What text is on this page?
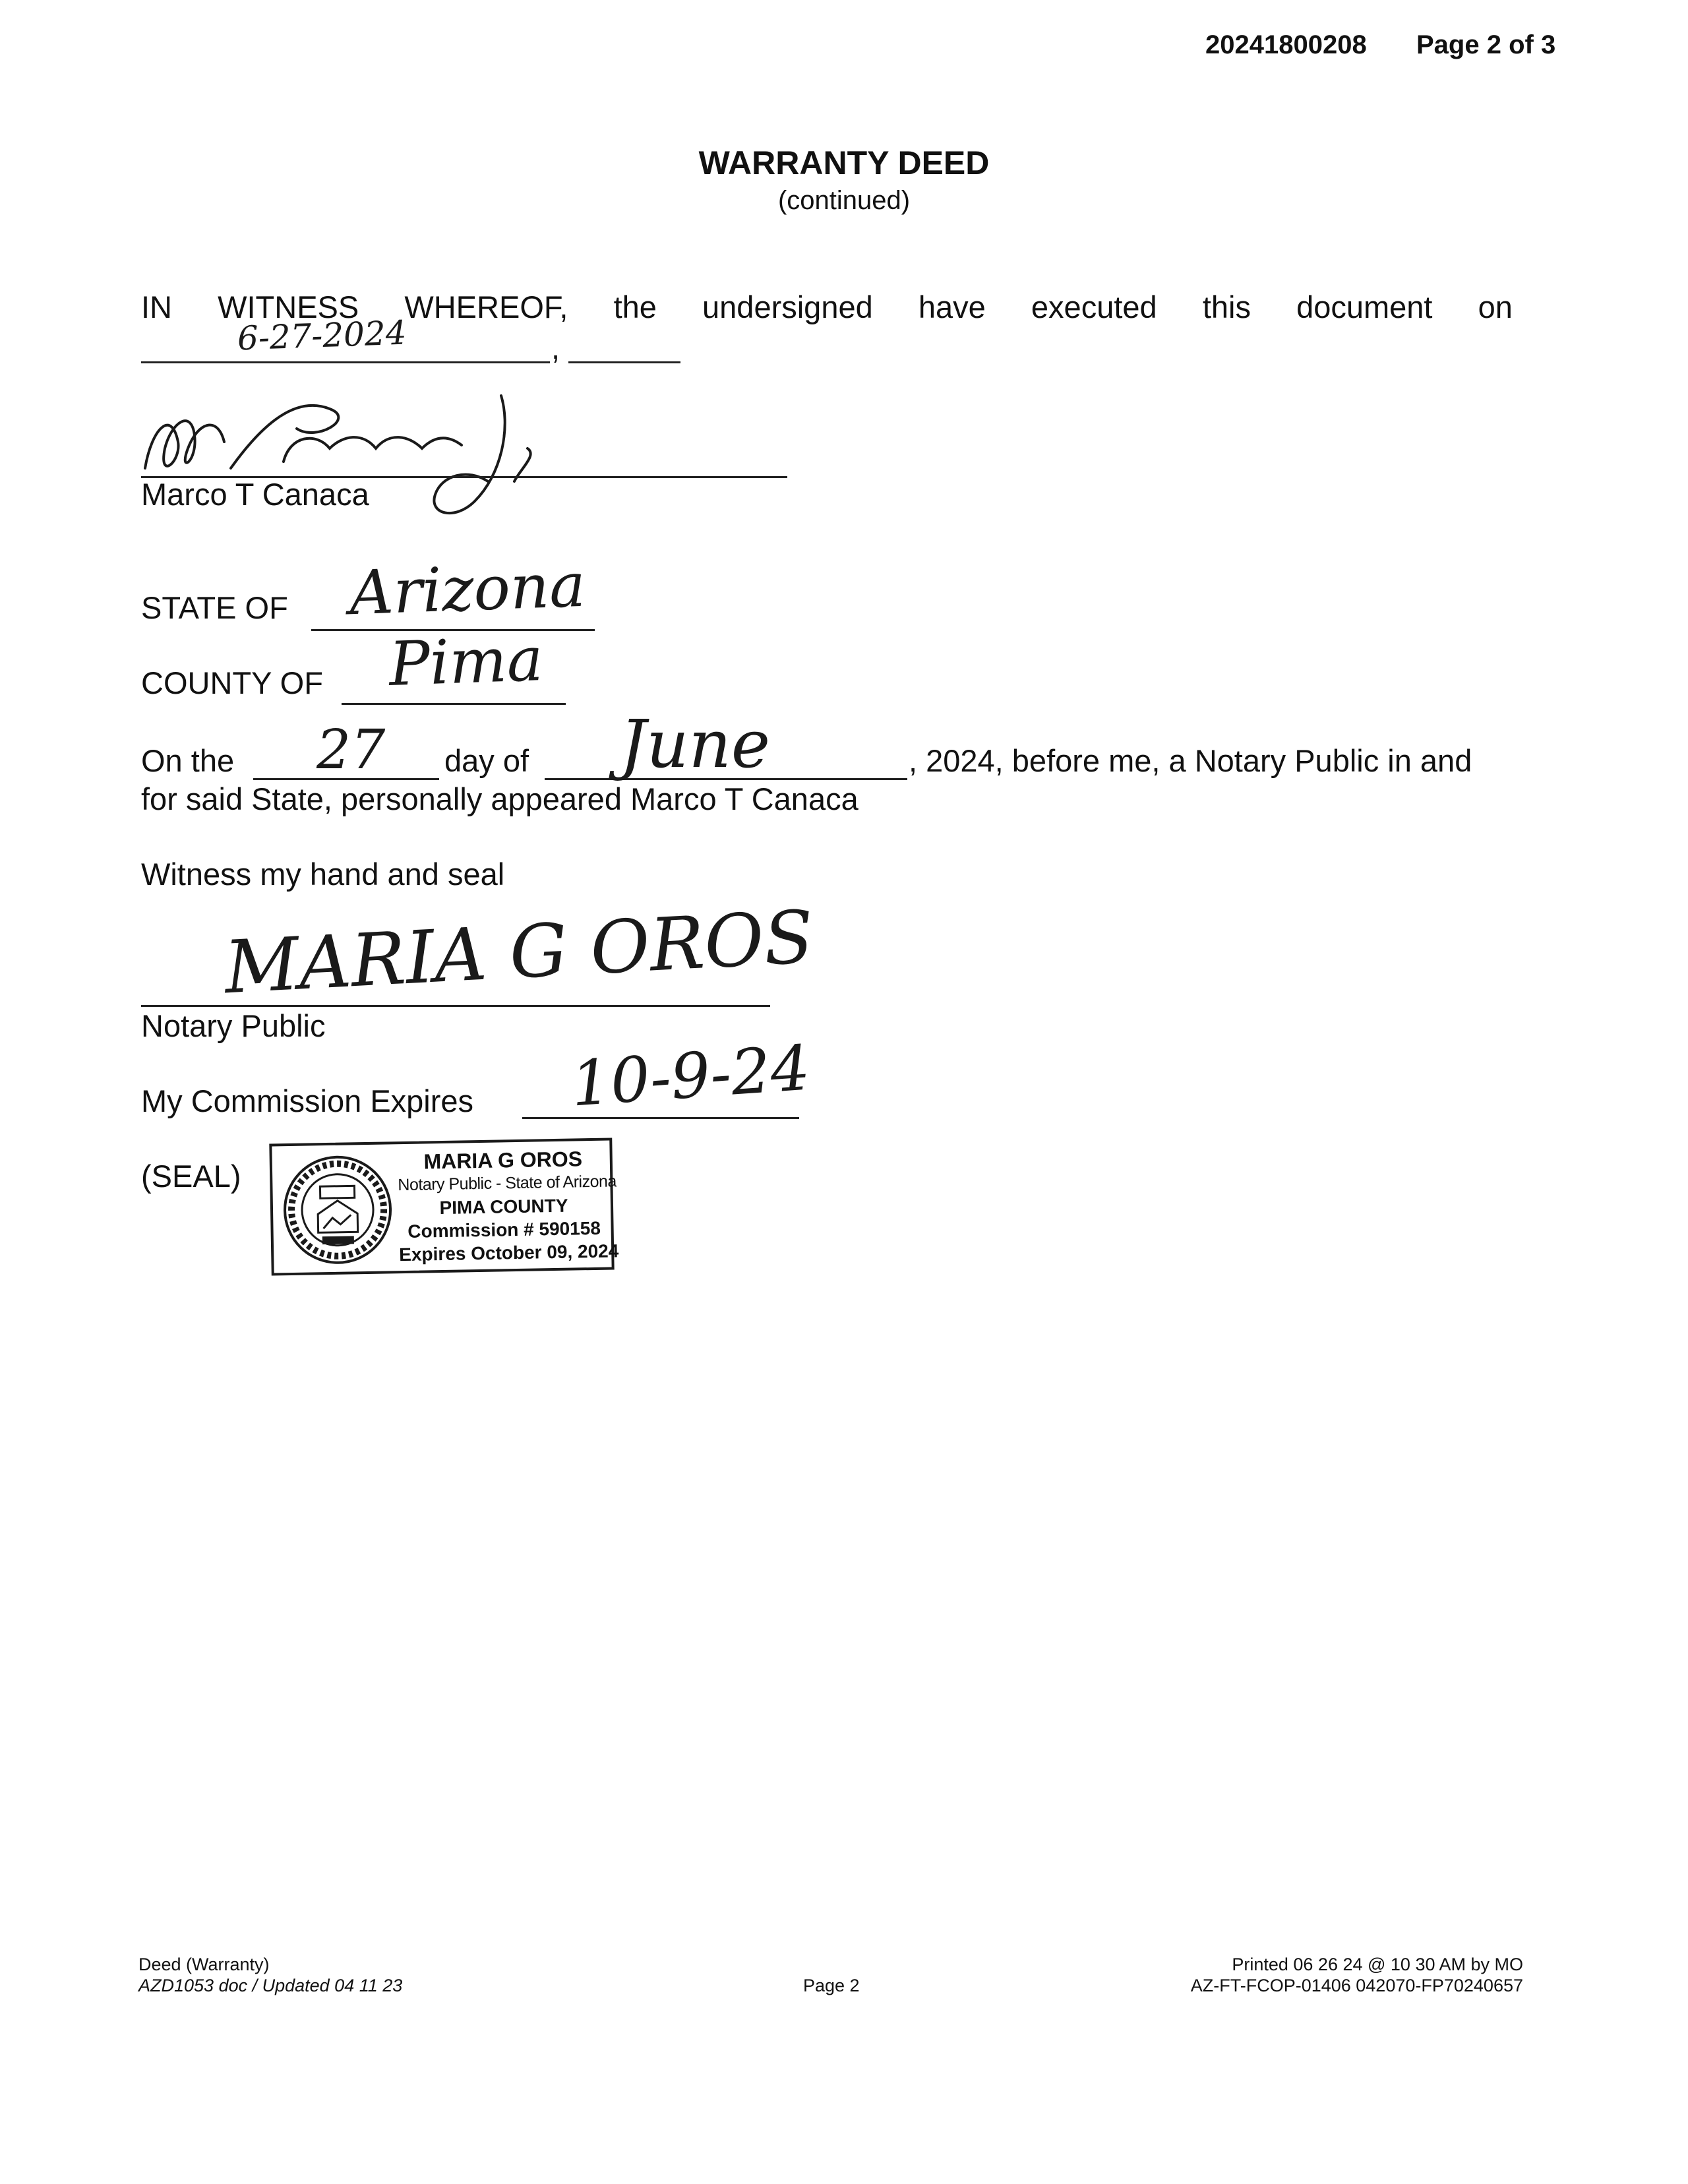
20241800208 Page 2 of 3
WARRANTY DEED
(continued)
IN WITNESS WHEREOF, the undersigned have executed this document on
6-27-2024	,
Marco T Canaca
STATE OF Arizona
COUNTY OF Pima
On the 27 day of June	, 2024, before me, a Notary Public in and
for said State, personally appeared Marco T Canaca
Witness my hand and seal
MARIA G OROS
Notary Public
My Commission Expires 10-9-24
(SEAL)	MARIA G OROS
Notary Public - State of Arizona
PIMA COUNTY
Commission # 590158
Expires October 09, 2024
Deed (Warranty)
AZD1053 doc / Updated 04 11 23	Page 2
Printed 06 26 24 @ 10 30 AM by MO
AZ-FT-FCOP-01406 042070-FP70240657
